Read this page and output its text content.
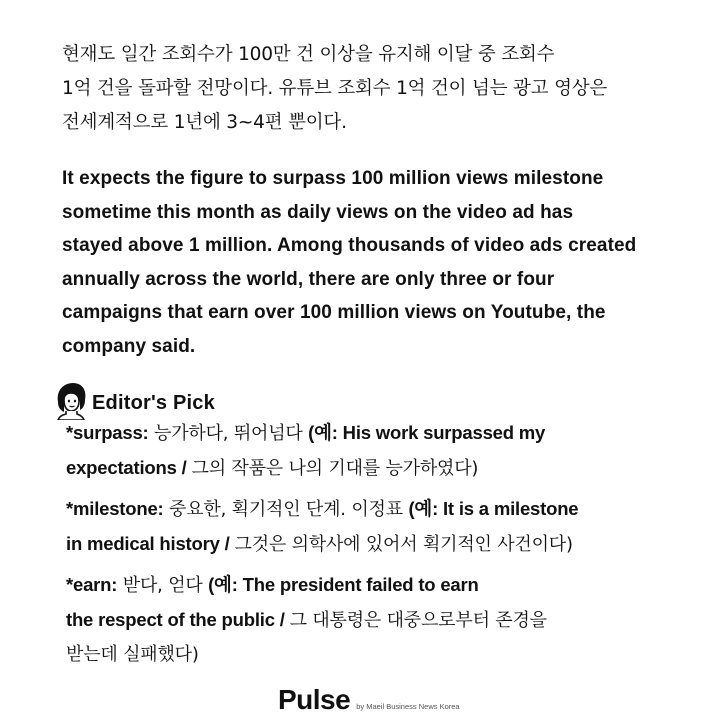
현재도 일간 조회수가 100만 건 이상을 유지해 이달 중 조회수
1억 건을 돌파할 전망이다. 유튜브 조회수 1억 건이 넘는 광고 영상은
전세계적으로 1년에 3~4편 뿐이다.
It expects the figure to surpass 100 million views milestone
sometime this month as daily views on the video ad has
stayed above 1 million. Among thousands of video ads created
annually across the world, there are only three or four
campaigns that earn over 100 million views on Youtube, the
company said.
Editor's Pick
*surpass: 능가하다, 뛰어넘다 (예: His work surpassed my
expectations / 그의 작품은 나의 기대를 능가하였다)
*milestone: 중요한, 획기적인 단계. 이정표 (예: It is a milestone
in medical history / 그것은 의학사에 있어서 획기적인 사건이다)
*earn: 받다, 얻다 (예: The president failed to earn
the respect of the public / 그 대통령은 대중으로부터 존경을
받는데 실패했다)
Pulse by Maeil Business News Korea
